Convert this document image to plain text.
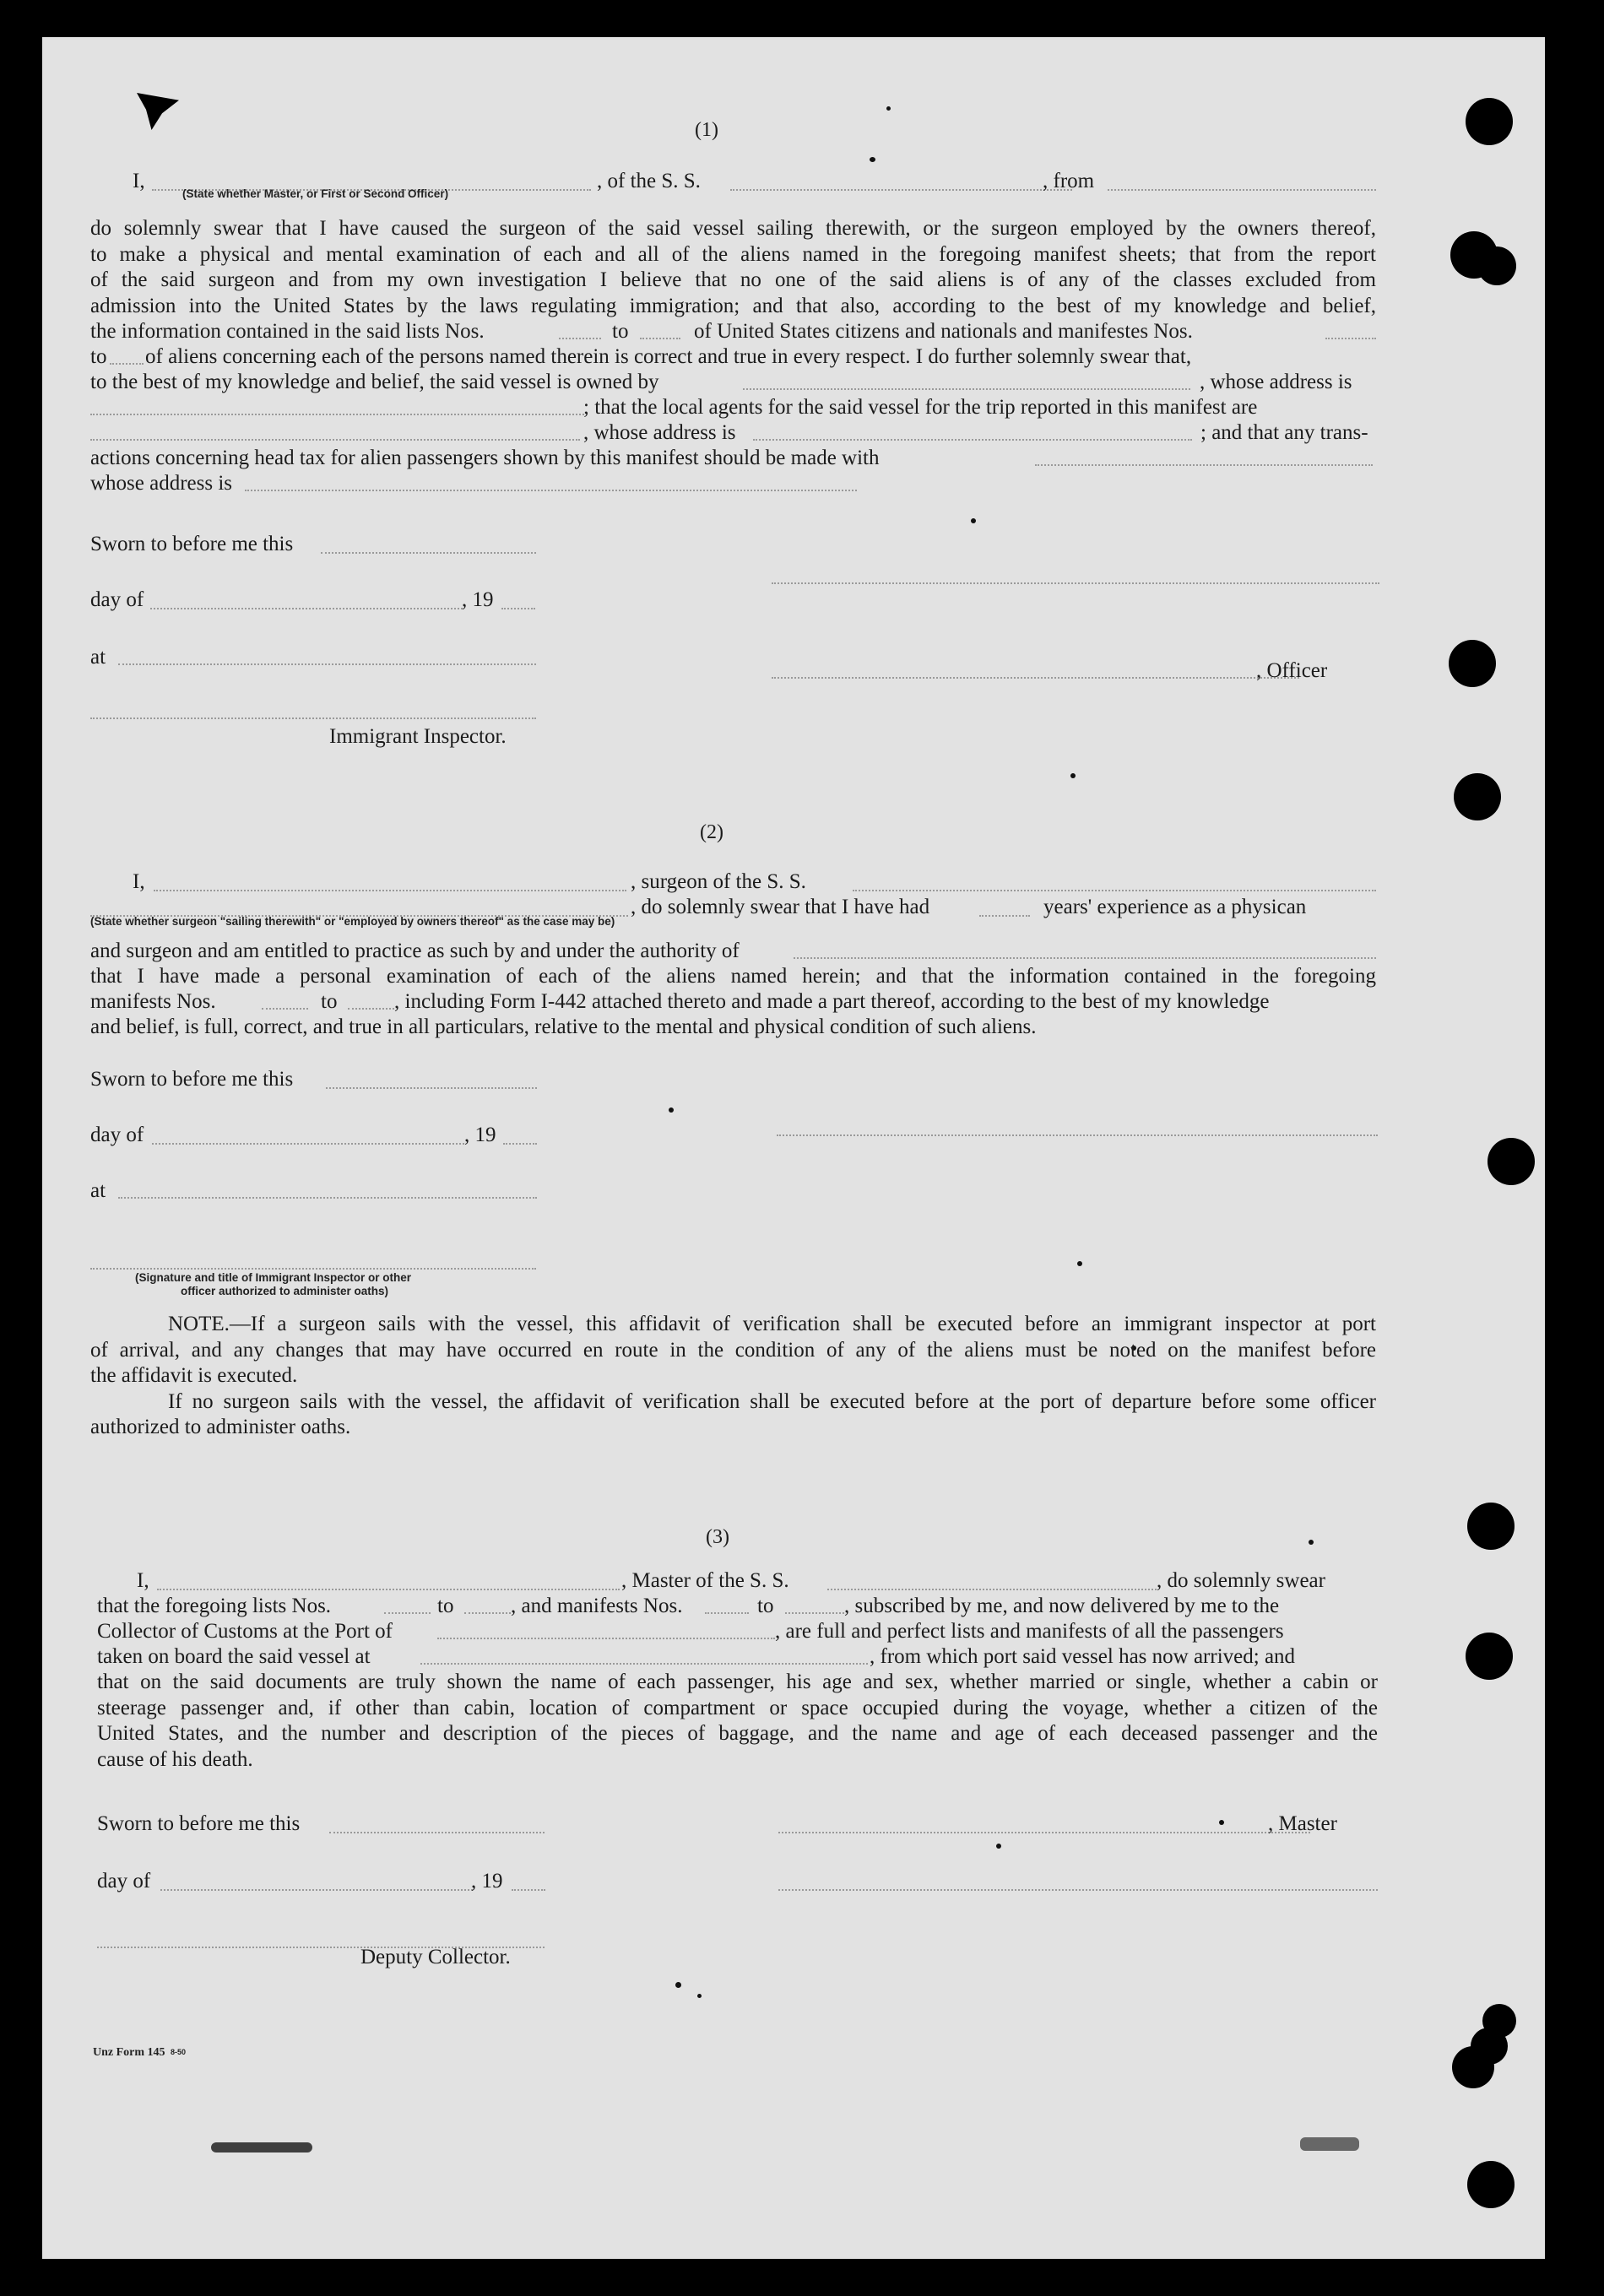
(1)
I,	, of the S. S.	, from
(State whether Master, or First or Second Officer)
do solemnly swear that I have caused the surgeon of the said vessel sailing therewith, or the surgeon employed by the owners thereof,
to make a physical and mental examination of each and all of the aliens named in the foregoing manifest sheets; that from the report
of the said surgeon and from my own investigation I believe that no one of the said aliens is of any of the classes excluded from
admission into the United States by the laws regulating immigration; and that also, according to the best of my knowledge and belief,
the information contained in the said lists Nos.	to	of United States citizens and nationals and manifestes Nos.
to of aliens concerning each of the persons named therein is correct and true in every respect. I do further solemnly swear that,
to the best of my knowledge and belief, the said vessel is owned by	, whose address is
; that the local agents for the said vessel for the trip reported in this manifest are
, whose address is	; and that any trans-
actions concerning head tax for alien passengers shown by this manifest should be made with
whose address is
Sworn to before me this
day of	, 19
at
, Officer
Immigrant Inspector.
(2)
I,	, surgeon of the S. S.
, do solemnly swear that I have had	years' experience as a physican
(State whether surgeon "sailing therewith" or "employed by owners thereof" as the case may be)
and surgeon and am entitled to practice as such by and under the authority of
that I have made a personal examination of each of the aliens named herein; and that the information contained in the foregoing
manifests Nos.	to	, including Form I-442 attached thereto and made a part thereof, according to the best of my knowledge
and belief, is full, correct, and true in all particulars, relative to the mental and physical condition of such aliens.
Sworn to before me this
day of	, 19
at
(Signature and title of Immigrant Inspector or other
officer authorized to administer oaths)
NOTE.—If a surgeon sails with the vessel, this affidavit of verification shall be executed before an immigrant inspector at port
of arrival, and any changes that may have occurred en route in the condition of any of the aliens must be noted on the manifest before
the affidavit is executed.
If no surgeon sails with the vessel, the affidavit of verification shall be executed before at the port of departure before some officer
authorized to administer oaths.
(3)
I,	, Master of the S. S.	, do solemnly swear
that the foregoing lists Nos.	to	, and manifests Nos.	to	, subscribed by me, and now delivered by me to the
Collector of Customs at the Port of	, are full and perfect lists and manifests of all the passengers
taken on board the said vessel at	, from which port said vessel has now arrived; and
that on the said documents are truly shown the name of each passenger, his age and sex, whether married or single, whether a cabin or
steerage passenger and, if other than cabin, location of compartment or space occupied during the voyage, whether a citizen of the
United States, and the number and description of the pieces of baggage, and the name and age of each deceased passenger and the
cause of his death.
Sworn to before me this	, Master
day of	, 19
Deputy Collector.
Unz Form 145 8-50
